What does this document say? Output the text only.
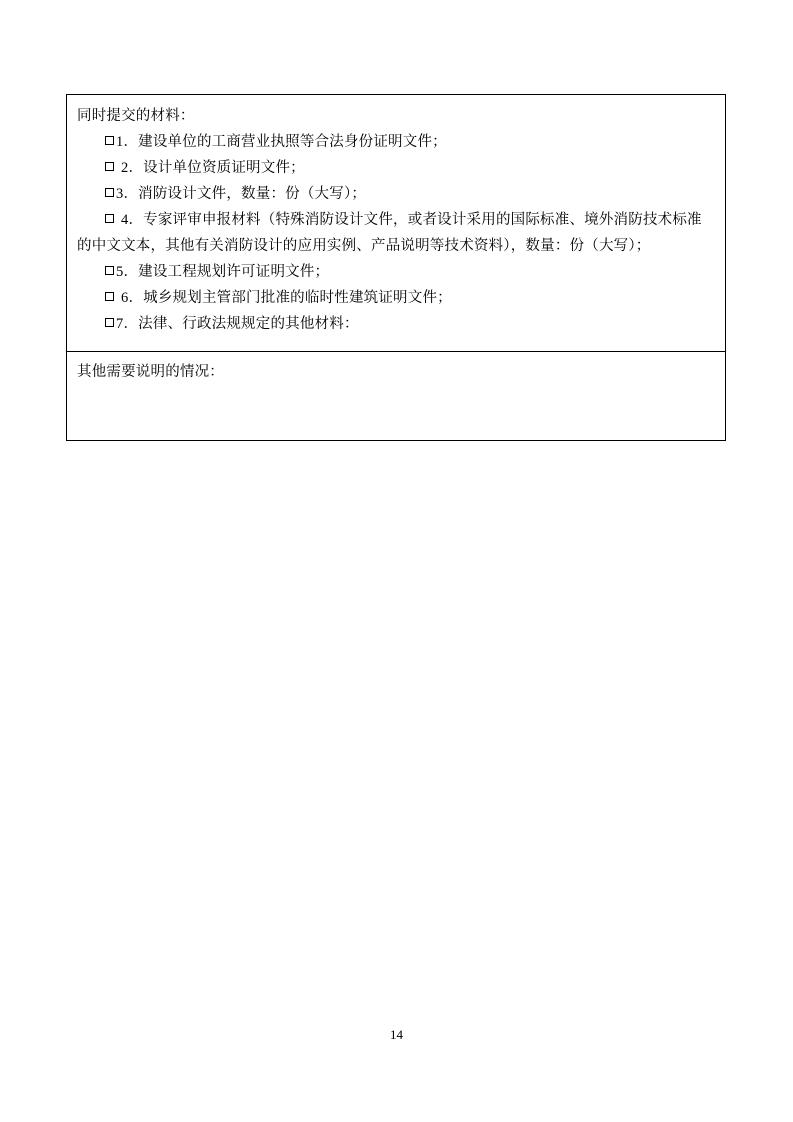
同时提交的材料：
1．建设单位的工商营业执照等合法身份证明文件；
2．设计单位资质证明文件；
3．消防设计文件，数量：份（大写）；
4．专家评审申报材料（特殊消防设计文件，或者设计采用的国际标准、境外消防技术标准的中文文本，其他有关消防设计的应用实例、产品说明等技术资料），数量：份（大写）；
5．建设工程规划许可证明文件；
6．城乡规划主管部门批准的临时性建筑证明文件；
7．法律、行政法规规定的其他材料：
其他需要说明的情况：
14
